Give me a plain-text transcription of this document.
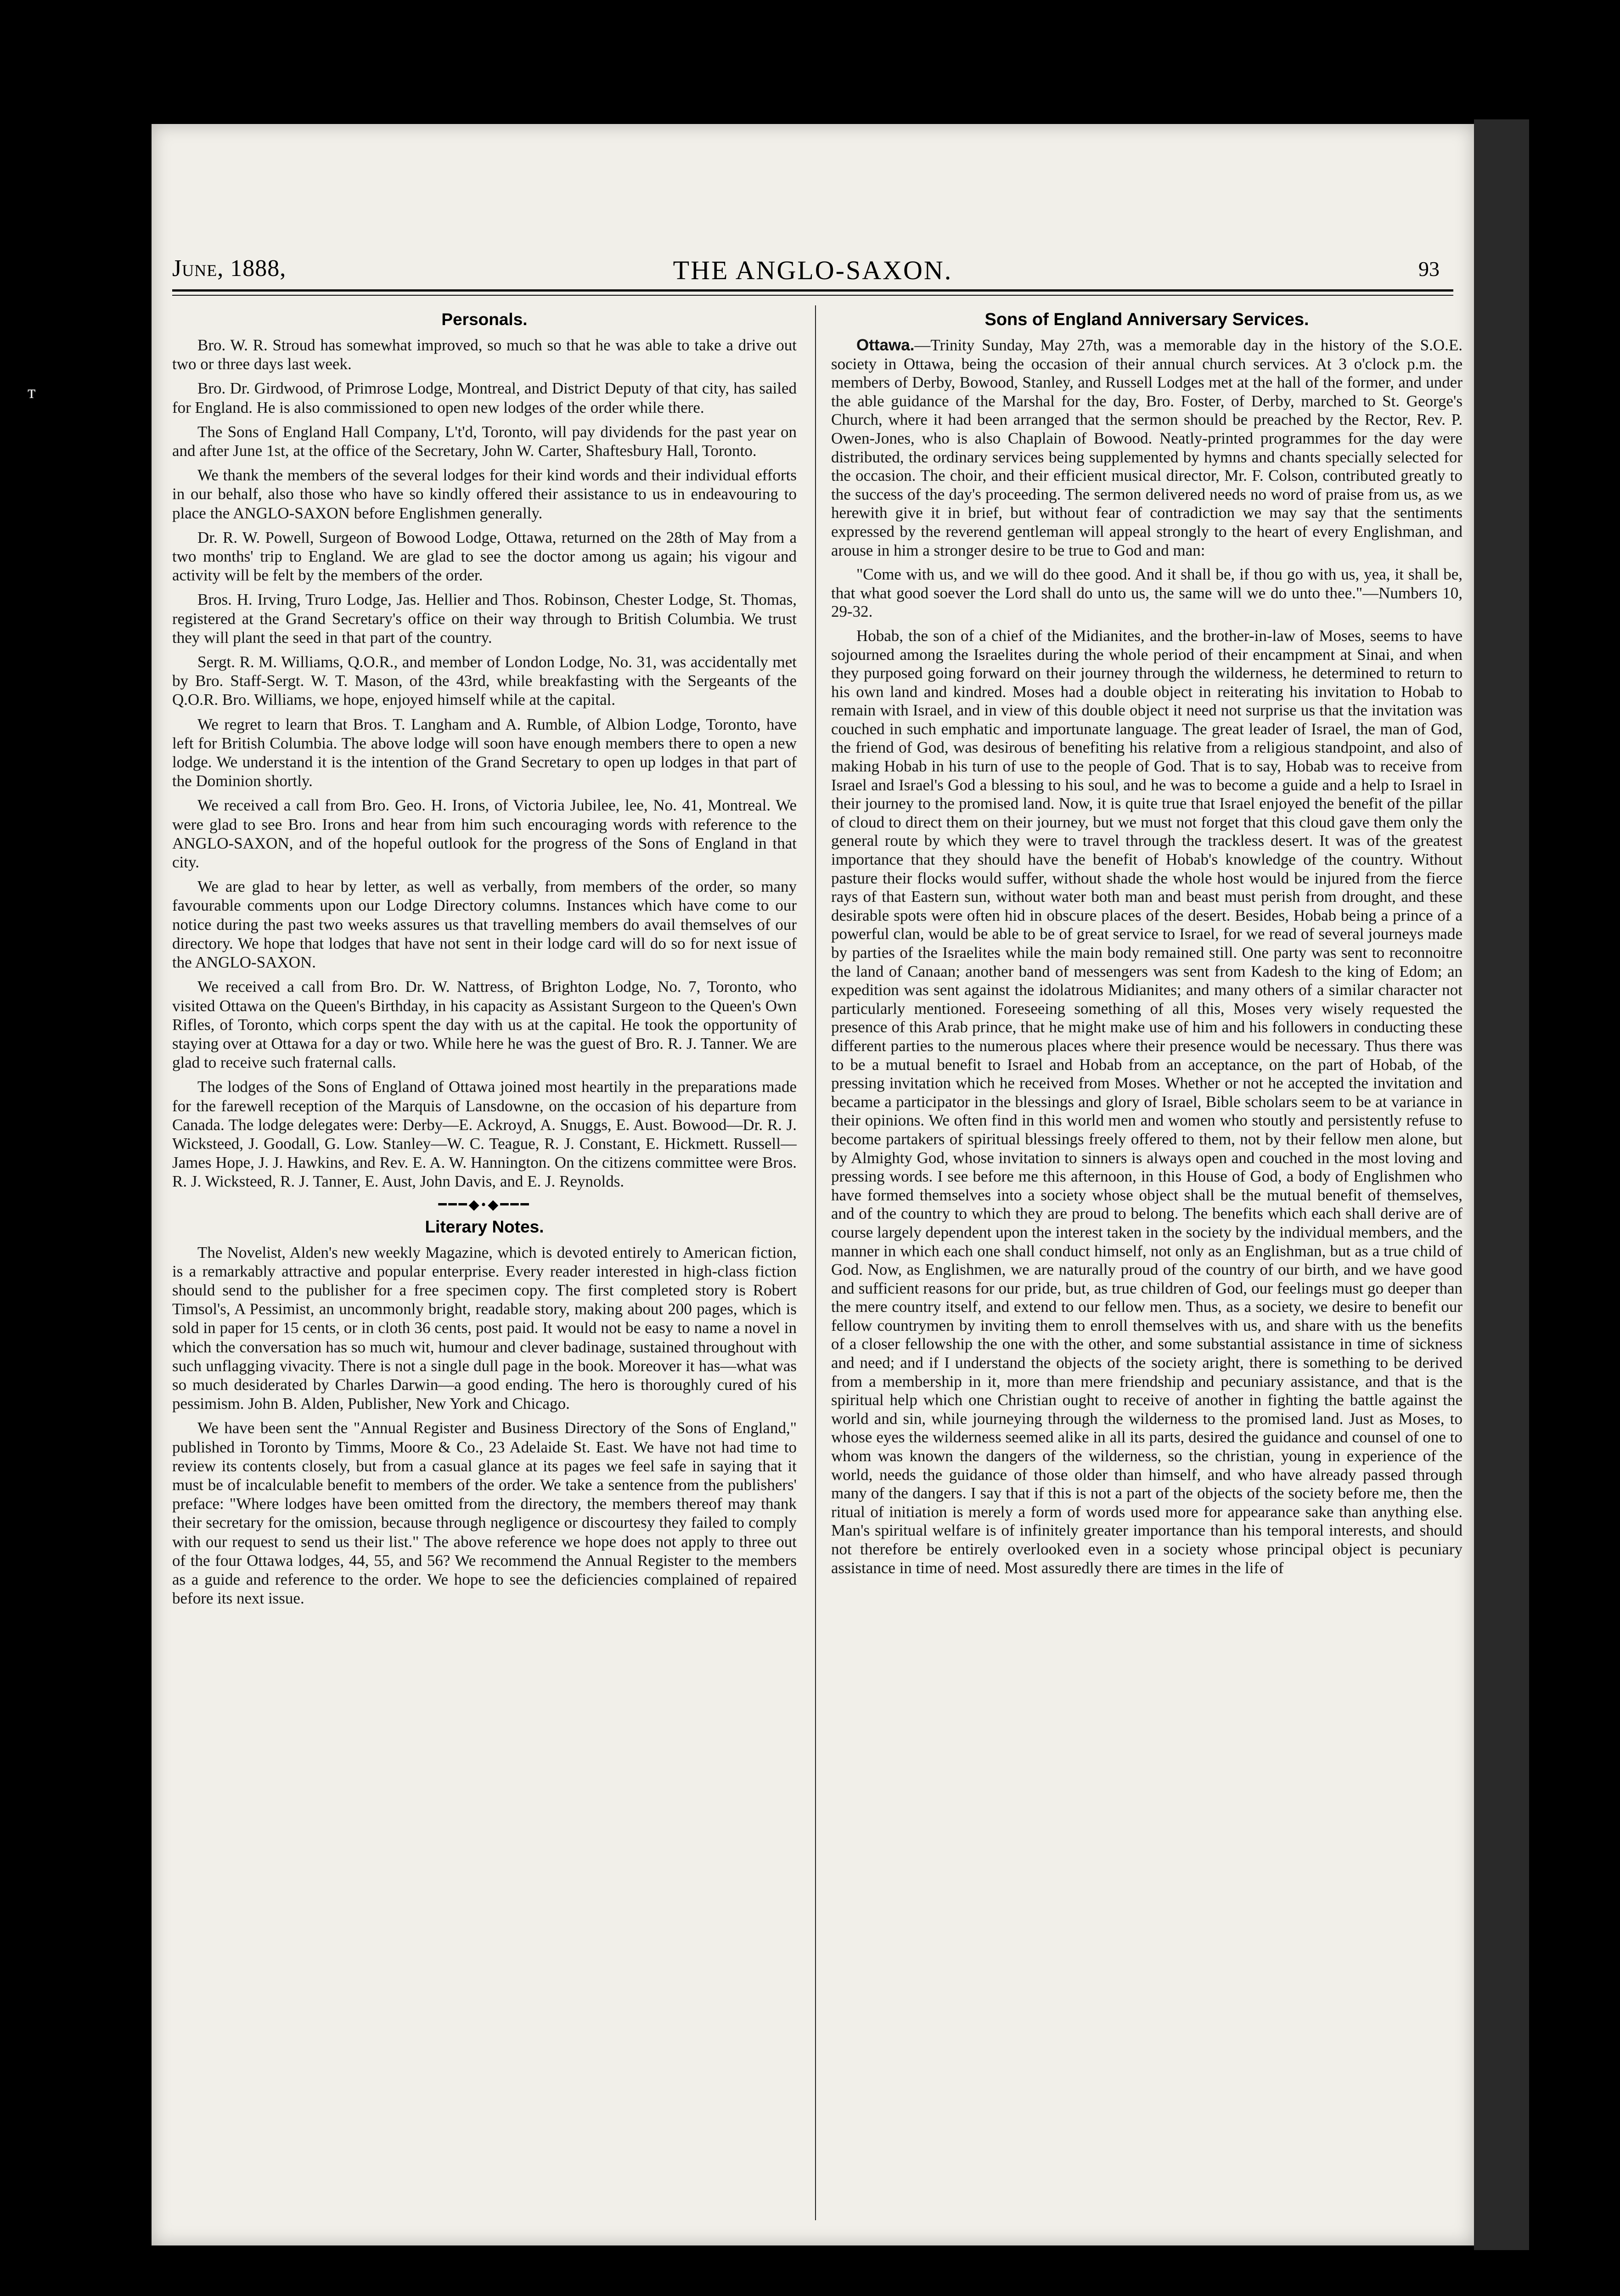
June, 1888,	THE ANGLO-SAXON.	93
Personals.

Bro. W. R. Stroud has somewhat improved, so much so that he was able to take a drive out two or three days last week.

Bro. Dr. Girdwood, of Primrose Lodge, Montreal, and District Deputy of that city, has sailed for England. He is also commissioned to open new lodges of the order while there.

The Sons of England Hall Company, L't'd, Toronto, will pay dividends for the past year on and after June 1st, at the office of the Secretary, John W. Carter, Shaftesbury Hall, Toronto.

We thank the members of the several lodges for their kind words and their individual efforts in our behalf, also those who have so kindly offered their assistance to us in endeavouring to place the ANGLO-SAXON before Englishmen generally.

Dr. R. W. Powell, Surgeon of Bowood Lodge, Ottawa, returned on the 28th of May from a two months' trip to England. We are glad to see the doctor among us again; his vigour and activity will be felt by the members of the order.

Bros. H. Irving, Truro Lodge, Jas. Hellier and Thos. Robinson, Chester Lodge, St. Thomas, registered at the Grand Secretary's office on their way through to British Columbia. We trust they will plant the seed in that part of the country.

Sergt. R. M. Williams, Q.O.R., and member of London Lodge, No. 31, was accidentally met by Bro. Staff-Sergt. W. T. Mason, of the 43rd, while breakfasting with the Sergeants of the Q.O.R. Bro. Williams, we hope, enjoyed himself while at the capital.

We regret to learn that Bros. T. Langham and A. Rumble, of Albion Lodge, Toronto, have left for British Columbia. The above lodge will soon have enough members there to open a new lodge. We understand it is the intention of the Grand Secretary to open up lodges in that part of the Dominion shortly.

We received a call from Bro. Geo. H. Irons, of Victoria Jubilee, lee, No. 41, Montreal. We were glad to see Bro. Irons and hear from him such encouraging words with reference to the ANGLO-SAXON, and of the hopeful outlook for the progress of the Sons of England in that city.

We are glad to hear by letter, as well as verbally, from members of the order, so many favourable comments upon our Lodge Directory columns. Instances which have come to our notice during the past two weeks assures us that travelling members do avail themselves of our directory. We hope that lodges that have not sent in their lodge card will do so for next issue of the ANGLO-SAXON.

We received a call from Bro. Dr. W. Nattress, of Brighton Lodge, No. 7, Toronto, who visited Ottawa on the Queen's Birthday, in his capacity as Assistant Surgeon to the Queen's Own Rifles, of Toronto, which corps spent the day with us at the capital. He took the opportunity of staying over at Ottawa for a day or two. While here he was the guest of Bro. R. J. Tanner. We are glad to receive such fraternal calls.

The lodges of the Sons of England of Ottawa joined most heartily in the preparations made for the farewell reception of the Marquis of Lansdowne, on the occasion of his departure from Canada. The lodge delegates were: Derby—E. Ackroyd, A. Snuggs, E. Aust. Bowood—Dr. R. J. Wicksteed, J. Goodall, G. Low. Stanley—W. C. Teague, R. J. Constant, E. Hickmett. Russell—James Hope, J. J. Hawkins, and Rev. E. A. W. Hannington. On the citizens committee were Bros. R. J. Wicksteed, R. J. Tanner, E. Aust, John Davis, and E. J. Reynolds.

━━━◆•◆━━━
Literary Notes.

The Novelist, Alden's new weekly Magazine, which is devoted entirely to American fiction, is a remarkably attractive and popular enterprise. Every reader interested in high-class fiction should send to the publisher for a free specimen copy. The first completed story is Robert Timsol's, A Pessimist, an uncommonly bright, readable story, making about 200 pages, which is sold in paper for 15 cents, or in cloth 36 cents, post paid. It would not be easy to name a novel in which the conversation has so much wit, humour and clever badinage, sustained throughout with such unflagging vivacity. There is not a single dull page in the book. Moreover it has—what was so much desiderated by Charles Darwin—a good ending. The hero is thoroughly cured of his pessimism. John B. Alden, Publisher, New York and Chicago.

We have been sent the "Annual Register and Business Directory of the Sons of England," published in Toronto by Timms, Moore & Co., 23 Adelaide St. East. We have not had time to review its contents closely, but from a casual glance at its pages we feel safe in saying that it must be of incalculable benefit to members of the order. We take a sentence from the publishers' preface: "Where lodges have been omitted from the directory, the members thereof may thank their secretary for the omission, because through negligence or discourtesy they failed to comply with our request to send us their list." The above reference we hope does not apply to three out of the four Ottawa lodges, 44, 55, and 56? We recommend the Annual Register to the members as a guide and reference to the order. We hope to see the deficiencies complained of repaired before its next issue.

Sons of England Anniversary Services.

Ottawa.—Trinity Sunday, May 27th, was a memorable day in the history of the S.O.E. society in Ottawa, being the occasion of their annual church services. At 3 o'clock p.m. the members of Derby, Bowood, Stanley, and Russell Lodges met at the hall of the former, and under the able guidance of the Marshal for the day, Bro. Foster, of Derby, marched to St. George's Church, where it had been arranged that the sermon should be preached by the Rector, Rev. P. Owen-Jones, who is also Chaplain of Bowood. Neatly-printed programmes for the day were distributed, the ordinary services being supplemented by hymns and chants specially selected for the occasion. The choir, and their efficient musical director, Mr. F. Colson, contributed greatly to the success of the day's proceeding. The sermon delivered needs no word of praise from us, as we herewith give it in brief, but without fear of contradiction we may say that the sentiments expressed by the reverend gentleman will appeal strongly to the heart of every Englishman, and arouse in him a stronger desire to be true to God and man:

"Come with us, and we will do thee good. And it shall be, if thou go with us, yea, it shall be, that what good soever the Lord shall do unto us, the same will we do unto thee."—Numbers 10, 29-32.

Hobab, the son of a chief of the Midianites, and the brother-in-law of Moses, seems to have sojourned among the Israelites during the whole period of their encampment at Sinai, and when they purposed going forward on their journey through the wilderness, he determined to return to his own land and kindred. Moses had a double object in reiterating his invitation to Hobab to remain with Israel, and in view of this double object it need not surprise us that the invitation was couched in such emphatic and importunate language. The great leader of Israel, the man of God, the friend of God, was desirous of benefiting his relative from a religious standpoint, and also of making Hobab in his turn of use to the people of God. That is to say, Hobab was to receive from Israel and Israel's God a blessing to his soul, and he was to become a guide and a help to Israel in their journey to the promised land. Now, it is quite true that Israel enjoyed the benefit of the pillar of cloud to direct them on their journey, but we must not forget that this cloud gave them only the general route by which they were to travel through the trackless desert. It was of the greatest importance that they should have the benefit of Hobab's knowledge of the country. Without pasture their flocks would suffer, without shade the whole host would be injured from the fierce rays of that Eastern sun, without water both man and beast must perish from drought, and these desirable spots were often hid in obscure places of the desert. Besides, Hobab being a prince of a powerful clan, would be able to be of great service to Israel, for we read of several journeys made by parties of the Israelites while the main body remained still. One party was sent to reconnoitre the land of Canaan; another band of messengers was sent from Kadesh to the king of Edom; an expedition was sent against the idolatrous Midianites; and many others of a similar character not particularly mentioned. Foreseeing something of all this, Moses very wisely requested the presence of this Arab prince, that he might make use of him and his followers in conducting these different parties to the numerous places where their presence would be necessary. Thus there was to be a mutual benefit to Israel and Hobab from an acceptance, on the part of Hobab, of the pressing invitation which he received from Moses. Whether or not he accepted the invitation and became a participator in the blessings and glory of Israel, Bible scholars seem to be at variance in their opinions. We often find in this world men and women who stoutly and persistently refuse to become partakers of spiritual blessings freely offered to them, not by their fellow men alone, but by Almighty God, whose invitation to sinners is always open and couched in the most loving and pressing words. I see before me this afternoon, in this House of God, a body of Englishmen who have formed themselves into a society whose object shall be the mutual benefit of themselves, and of the country to which they are proud to belong. The benefits which each shall derive are of course largely dependent upon the interest taken in the society by the individual members, and the manner in which each one shall conduct himself, not only as an Englishman, but as a true child of God. Now, as Englishmen, we are naturally proud of the country of our birth, and we have good and sufficient reasons for our pride, but, as true children of God, our feelings must go deeper than the mere country itself, and extend to our fellow men. Thus, as a society, we desire to benefit our fellow countrymen by inviting them to enroll themselves with us, and share with us the benefits of a closer fellowship the one with the other, and some substantial assistance in time of sickness and need; and if I understand the objects of the society aright, there is something to be derived from a membership in it, more than mere friendship and pecuniary assistance, and that is the spiritual help which one Christian ought to receive of another in fighting the battle against the world and sin, while journeying through the wilderness to the promised land. Just as Moses, to whose eyes the wilderness seemed alike in all its parts, desired the guidance and counsel of one to whom was known the dangers of the wilderness, so the christian, young in experience of the world, needs the guidance of those older than himself, and who have already passed through many of the dangers. I say that if this is not a part of the objects of the society before me, then the ritual of initiation is merely a form of words used more for appearance sake than anything else. Man's spiritual welfare is of infinitely greater importance than his temporal interests, and should not therefore be entirely overlooked even in a society whose principal object is pecuniary assistance in time of need. Most assuredly there are times in the life of

ᴛ
